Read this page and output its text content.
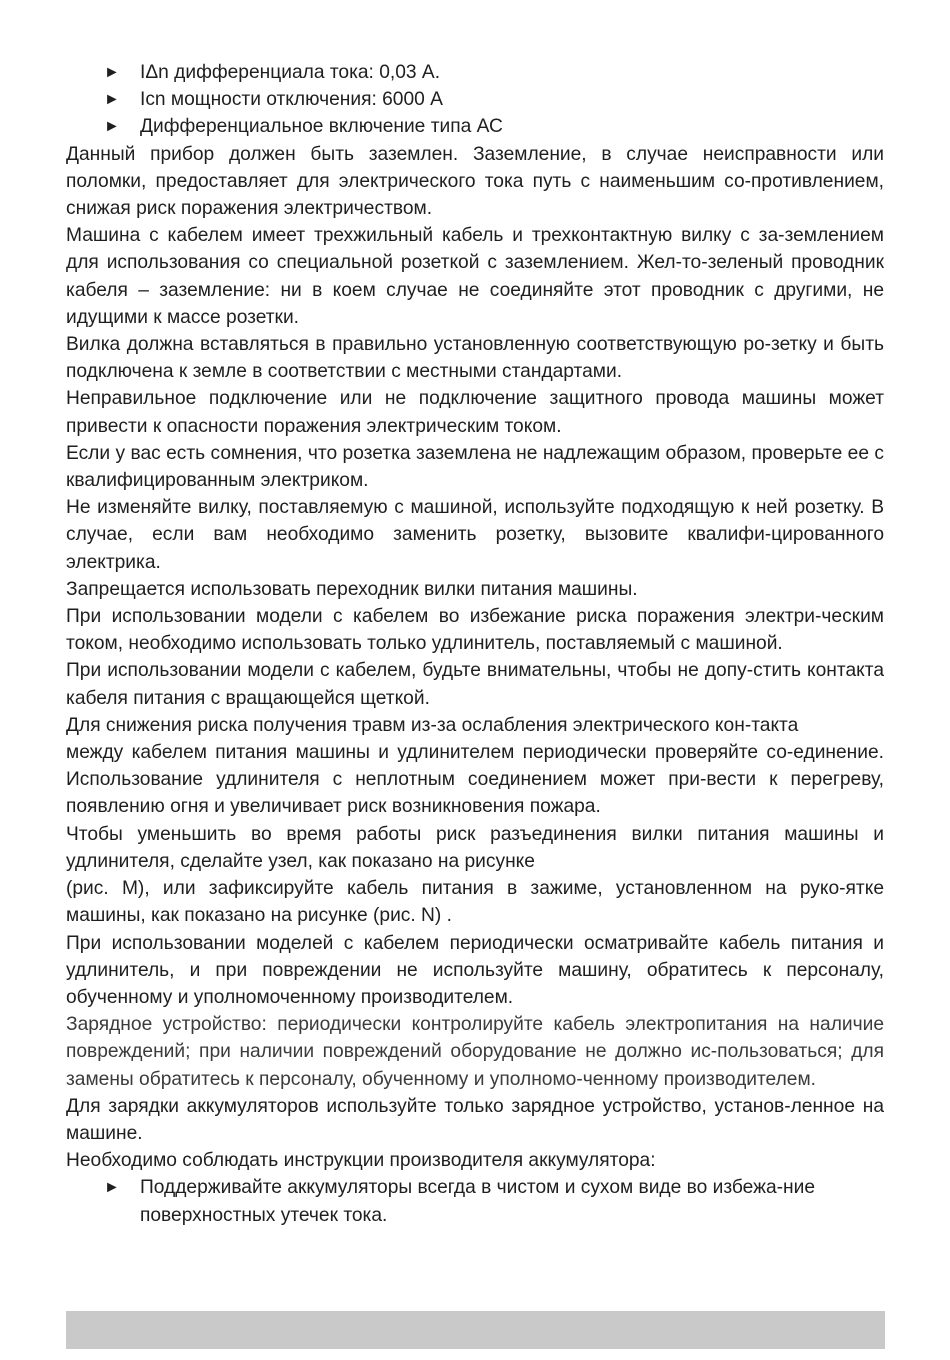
► IΔn дифференциала тока: 0,03 А.
► Icn мощности отключения: 6000 А
► Дифференциальное включение типа АС
Данный прибор должен быть заземлен. Заземление, в случае неисправности или поломки, предоставляет для электрического тока путь с наименьшим со-противлением, снижая риск поражения электричеством.
Машина с кабелем имеет трехжильный кабель и трехконтактную вилку с за-землением для использования со специальной розеткой с заземлением. Жел-то-зеленый проводник кабеля – заземление: ни в коем случае не соединяйте этот проводник с другими, не идущими к массе розетки.
Вилка должна вставляться в правильно установленную соответствующую ро-зетку и быть подключена к земле в соответствии с местными стандартами.
Неправильное подключение или не подключение защитного провода машины может привести к опасности поражения электрическим током.
Если у вас есть сомнения, что розетка заземлена не надлежащим образом, проверьте ее с квалифицированным электриком.
Не изменяйте вилку, поставляемую с машиной, используйте подходящую к ней розетку. В случае, если вам необходимо заменить розетку, вызовите квалифи-цированного электрика.
Запрещается использовать переходник вилки питания машины.
При использовании модели с кабелем во избежание риска поражения электри-ческим током, необходимо использовать только удлинитель, поставляемый с машиной.
При использовании модели с кабелем, будьте внимательны, чтобы не допу-стить контакта кабеля питания с вращающейся щеткой.
Для снижения риска получения травм из-за ослабления электрического кон-такта
между кабелем питания машины и удлинителем периодически проверяйте со-единение. Использование удлинителя с неплотным соединением может при-вести к перегреву, появлению огня и увеличивает риск возникновения пожара.
Чтобы уменьшить во время работы риск разъединения вилки питания машины и удлинителя, сделайте узел, как показано на рисунке
(рис. M), или зафиксируйте кабель питания в зажиме, установленном на руко-ятке машины, как показано на рисунке (рис. N) .
При использовании моделей с кабелем периодически осматривайте кабель питания и удлинитель, и при повреждении не используйте машину, обратитесь к персоналу, обученному и уполномоченному производителем.
Зарядное устройство: периодически контролируйте кабель электропитания на наличие повреждений; при наличии повреждений оборудование не должно ис-пользоваться; для замены обратитесь к персоналу, обученному и уполномо-ченному производителем.
Для зарядки аккумуляторов используйте только зарядное устройство, установ-ленное на машине.
Необходимо соблюдать инструкции производителя аккумулятора:
► Поддерживайте аккумуляторы всегда в чистом и сухом виде во избежа-ние поверхностных утечек тока.
